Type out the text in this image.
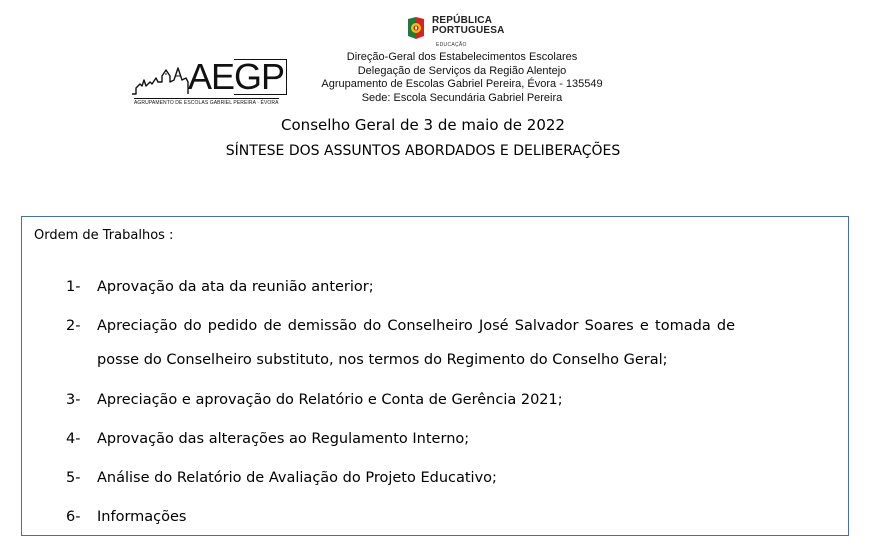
REPÚBLICA
PORTUGUESA
EDUCAÇÃO
AEGP
AGRUPAMENTO DE ESCOLAS GABRIEL PEREIRA · ÉVORA
Direção-Geral dos Estabelecimentos Escolares
Delegação de Serviços da Região Alentejo
Agrupamento de Escolas Gabriel Pereira, Évora - 135549
Sede: Escola Secundária Gabriel Pereira
Conselho Geral de 3 de maio de 2022
SÍNTESE DOS ASSUNTOS ABORDADOS E DELIBERAÇÕES
Ordem de Trabalhos :
1-	Aprovação da ata da reunião anterior;
2-	Apreciação do pedido de demissão do Conselheiro José Salvador Soares e tomada de
posse do Conselheiro substituto, nos termos do Regimento do Conselho Geral;
3-	Apreciação e aprovação do Relatório e Conta de Gerência 2021;
4-	Aprovação das alterações ao Regulamento Interno;
5-	Análise do Relatório de Avaliação do Projeto Educativo;
6-	Informações
